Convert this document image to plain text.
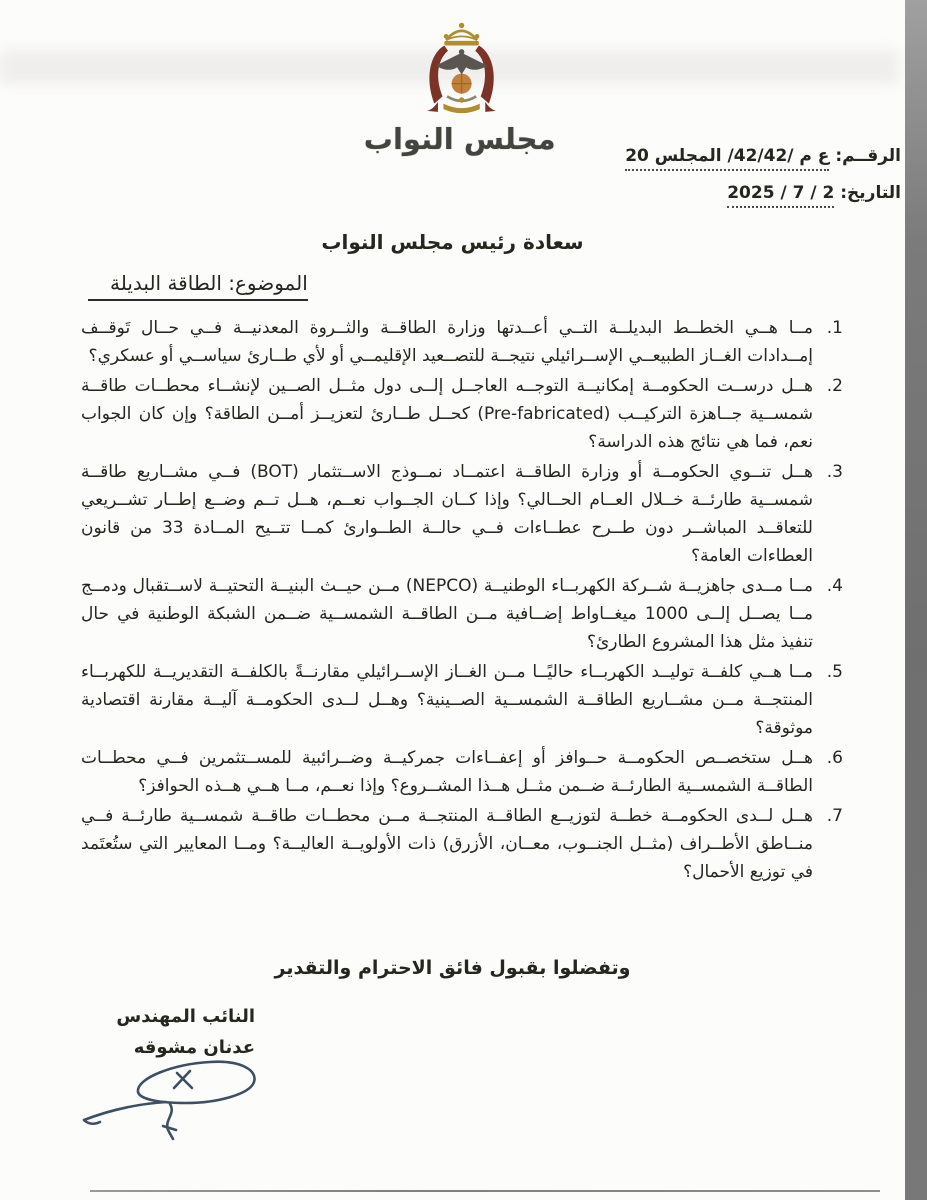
مجلس النواب	الرقــم: ع م /42/42/ المجلس 20
التاريخ: 2 / 7 / 2025
سعادة رئيس مجلس النواب
الموضوع: الطاقة البديلة
1.
مــا هــي الخطــط البديلــة التــي أعــدتها وزارة الطاقــة والثــروة المعدنيــة فــي حــال تَوقــف إمــدادات الغــاز الطبيعــي الإســرائيلي نتيجــة للتصــعيد الإقليمــي أو لأي طــارئ سياســي أو عسكري؟
2.
هــل درســت الحكومــة إمكانيــة التوجــه العاجــل إلــى دول مثــل الصــين لإنشــاء محطــات طاقــة شمســية جــاهزة التركيــب (Pre-fabricated) كحــل طــارئ لتعزيــز أمــن الطاقة؟ وإن كان الجواب نعم، فما هي نتائج هذه الدراسة؟
3.
هــل تنــوي الحكومــة أو وزارة الطاقــة اعتمــاد نمــوذج الاســتثمار (BOT) فــي مشــاريع طاقــة شمســية طارئــة خــلال العــام الحــالي؟ وإذا كــان الجــواب نعــم، هــل تــم وضــع إطــار تشــريعي للتعاقــد المباشــر دون طــرح عطــاءات فــي حالــة الطــوارئ كمــا تتــيح المــادة 33 من قانون العطاءات العامة؟
4.
مــا مــدى جاهزيــة شــركة الكهربــاء الوطنيــة (NEPCO) مــن حيــث البنيــة التحتيــة لاســتقبال ودمــج مــا يصــل إلــى 1000 ميغــاواط إضــافية مــن الطاقــة الشمســية ضــمن الشبكة الوطنية في حال تنفيذ مثل هذا المشروع الطارئ؟
5.
مــا هــي كلفــة توليــد الكهربــاء حاليًــا مــن الغــاز الإســرائيلي مقارنــةً بالكلفــة التقديريــة للكهربــاء المنتجــة مــن مشــاريع الطاقــة الشمســية الصــينية؟ وهــل لــدى الحكومــة آليــة مقارنة اقتصادية موثوقة؟
6.
هــل ستخصــص الحكومــة حــوافز أو إعفــاءات جمركيــة وضــرائبية للمســتثمرين فــي محطــات الطاقــة الشمســية الطارئــة ضــمن مثــل هــذا المشــروع؟ وإذا نعــم، مــا هــي هــذه الحوافز؟
7.
هــل لــدى الحكومــة خطــة لتوزيــع الطاقــة المنتجــة مــن محطــات طاقــة شمســية طارئــة فــي منــاطق الأطــراف (مثــل الجنــوب، معــان، الأزرق) ذات الأولويــة العاليــة؟ ومــا المعايير التي ستُعتَمد في توزيع الأحمال؟
وتفضلوا بقبول فائق الاحترام والتقدير
النائب المهندس
عدنان مشوقه
